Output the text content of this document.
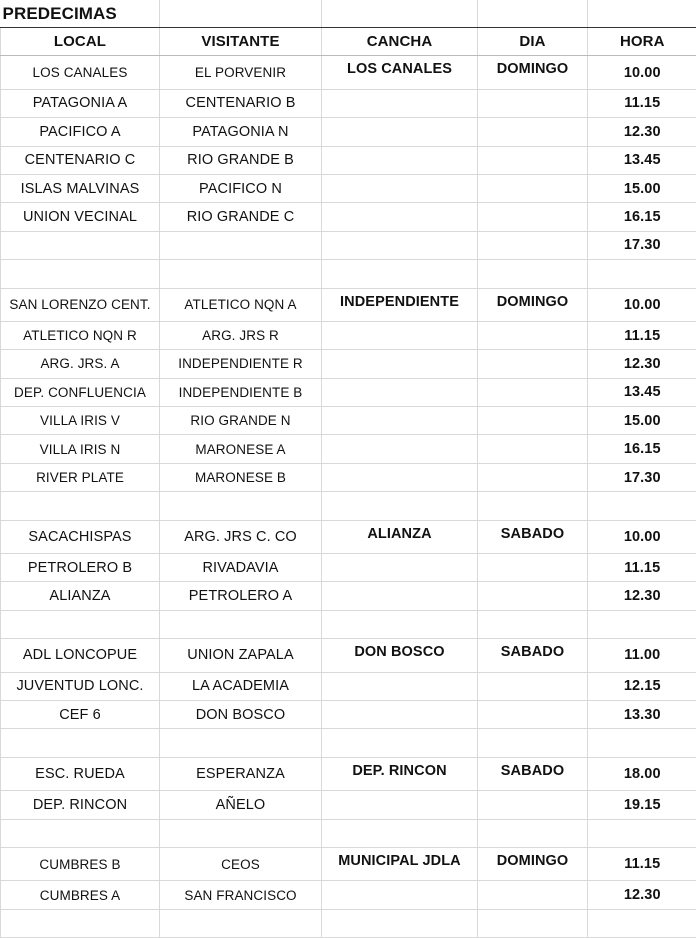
PREDECIMAS				
LOCAL	VISITANTE	CANCHA	DIA	HORA
LOS CANALES	EL PORVENIR	LOS CANALES	DOMINGO	10.00
PATAGONIA A	CENTENARIO B			11.15
PACIFICO A	PATAGONIA N			12.30
CENTENARIO C	RIO GRANDE B			13.45
ISLAS MALVINAS	PACIFICO N			15.00
UNION VECINAL	RIO GRANDE C			16.15
				17.30

SAN LORENZO CENT.	ATLETICO NQN A	INDEPENDIENTE	DOMINGO	10.00
ATLETICO NQN R	ARG. JRS R			11.15
ARG. JRS. A	INDEPENDIENTE R			12.30
DEP. CONFLUENCIA	INDEPENDIENTE B			13.45
VILLA IRIS V	RIO GRANDE N			15.00
VILLA IRIS N	MARONESE A			16.15
RIVER PLATE	MARONESE B			17.30

SACACHISPAS	ARG. JRS C. CO	ALIANZA	SABADO	10.00
PETROLERO B	RIVADAVIA			11.15
ALIANZA	PETROLERO A			12.30

ADL LONCOPUE	UNION ZAPALA	DON BOSCO	SABADO	11.00
JUVENTUD LONC.	LA ACADEMIA			12.15
CEF 6	DON BOSCO			13.30

ESC. RUEDA	ESPERANZA	DEP. RINCON	SABADO	18.00
DEP. RINCON	AÑELO			19.15

CUMBRES B	CEOS	MUNICIPAL JDLA	DOMINGO	11.15
CUMBRES A	SAN FRANCISCO			12.30
